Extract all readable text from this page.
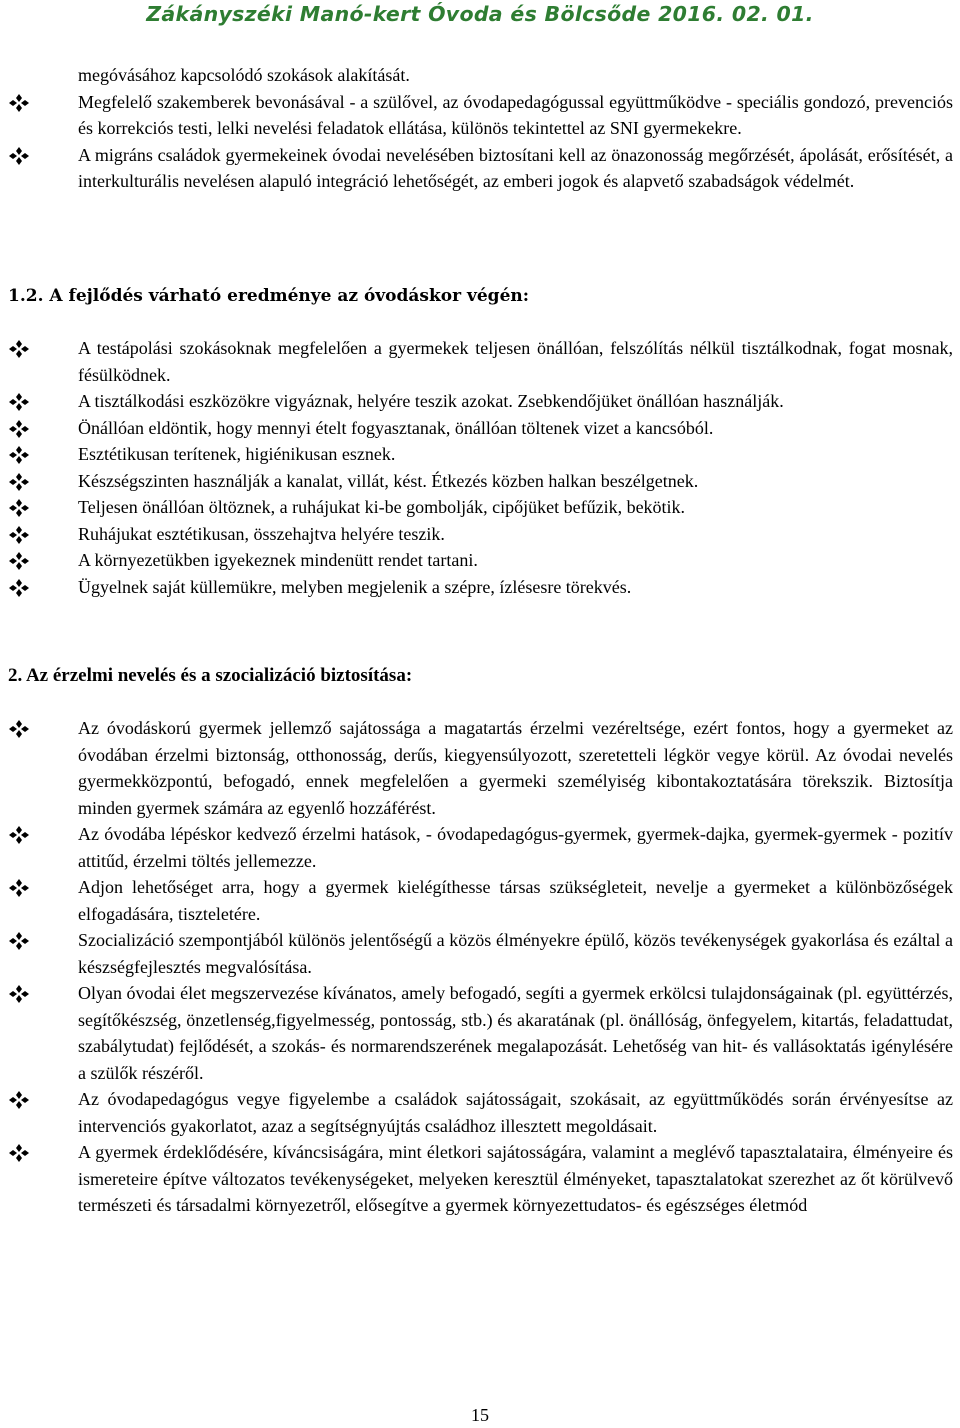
Zákányszéki Manó-kert Óvoda és Bölcsőde 2016. 02. 01.

megóvásához kapcsolódó szokások alakítását.

Megfelelő szakemberek bevonásával - a szülővel, az óvodapedagógussal együttműködve - speciális gondozó, prevenciós és korrekciós testi, lelki nevelési feladatok ellátása, különös tekintettel az SNI gyermekekre.

A migráns családok gyermekeinek óvodai nevelésében biztosítani kell az önazonosság megőrzését, ápolását, erősítését, a interkulturális nevelésen alapuló integráció lehetőségét, az emberi jogok és alapvető szabadságok védelmét.

1.2. A fejlődés várható eredménye az óvodáskor végén:

A testápolási szokásoknak megfelelően a gyermekek teljesen önállóan, felszólítás nélkül tisztálkodnak, fogat mosnak, fésülködnek.

A tisztálkodási eszközökre vigyáznak, helyére teszik azokat. Zsebkendőjüket önállóan használják.

Önállóan eldöntik, hogy mennyi ételt fogyasztanak, önállóan töltenek vizet a kancsóból.

Esztétikusan terítenek, higiénikusan esznek.

Készségszinten használják a kanalat, villát, kést. Étkezés közben halkan beszélgetnek.

Teljesen önállóan öltöznek, a ruhájukat ki-be gombolják, cipőjüket befűzik, bekötik.

Ruhájukat esztétikusan, összehajtva helyére teszik.

A környezetükben igyekeznek mindenütt rendet tartani.

Ügyelnek saját küllemükre, melyben megjelenik a szépre, ízlésesre törekvés.

2. Az érzelmi nevelés és a szocializáció biztosítása:

Az óvodáskorú gyermek jellemző sajátossága a magatartás érzelmi vezéreltsége, ezért fontos, hogy a gyermeket az óvodában érzelmi biztonság, otthonosság, derűs, kiegyensúlyozott, szeretetteli légkör vegye körül. Az óvodai nevelés gyermekközpontú, befogadó, ennek megfelelően a gyermeki személyiség kibontakoztatására törekszik. Biztosítja minden gyermek számára az egyenlő hozzáférést.

Az óvodába lépéskor kedvező érzelmi hatások, - óvodapedagógus-gyermek, gyermek-dajka, gyermek-gyermek - pozitív attitűd, érzelmi töltés jellemezze.

Adjon lehetőséget arra, hogy a gyermek kielégíthesse társas szükségleteit, nevelje a gyermeket a különbözőségek elfogadására, tiszteletére.

Szocializáció szempontjából különös jelentőségű a közös élményekre épülő, közös tevékenységek gyakorlása és ezáltal a készségfejlesztés megvalósítása.

Olyan óvodai élet megszervezése kívánatos, amely befogadó, segíti a gyermek erkölcsi tulajdonságainak (pl. együttérzés, segítőkészség, önzetlenség,figyelmesség, pontosság, stb.) és akaratának (pl. önállóság, önfegyelem, kitartás, feladattudat, szabálytudat) fejlődését, a szokás- és normarendszerének megalapozását. Lehetőség van hit- és vallásoktatás igénylésére a szülők részéről.

Az óvodapedagógus vegye figyelembe a családok sajátosságait, szokásait, az együttműködés során érvényesítse az intervenciós gyakorlatot, azaz a segítségnyújtás családhoz illesztett megoldásait.

A gyermek érdeklődésére, kíváncsiságára, mint életkori sajátosságára, valamint a meglévő tapasztalataira, élményeire és ismereteire építve változatos tevékenységeket, melyeken keresztül élményeket, tapasztalatokat szerezhet az őt körülvevő természeti és társadalmi környezetről, elősegítve a gyermek környezettudatos- és egészséges életmód

15
